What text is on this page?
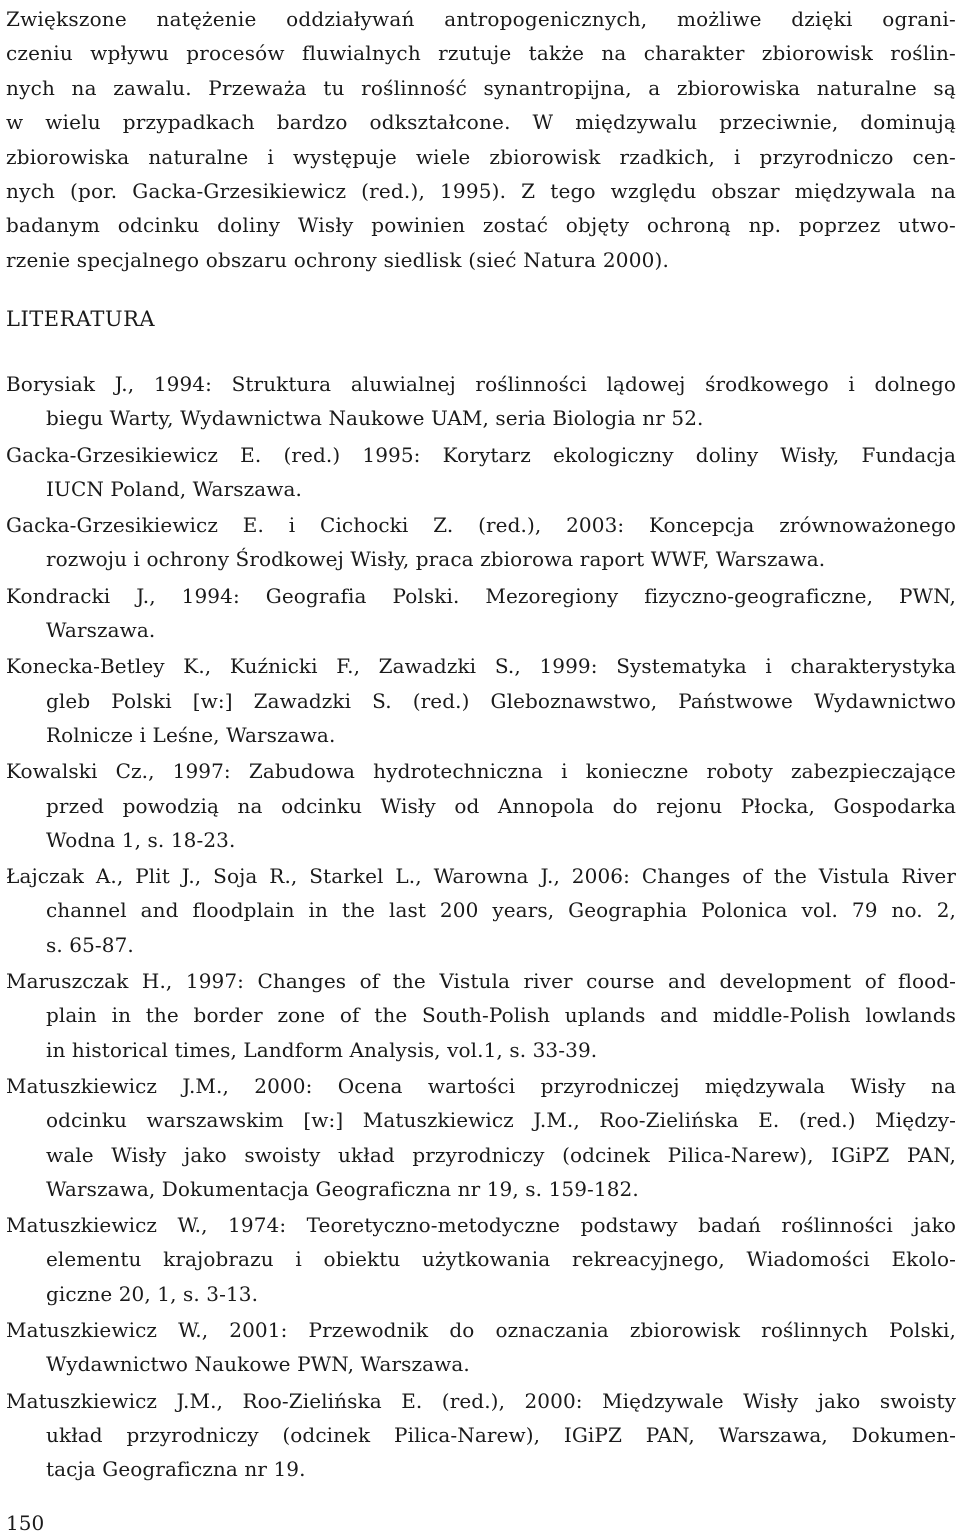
Zwiększone natężenie oddziaływań antropogenicznych, możliwe dzięki ograni-
czeniu wpływu procesów fluwialnych rzutuje także na charakter zbiorowisk roślin-
nych na zawalu. Przeważa tu roślinność synantropijna, a zbiorowiska naturalne są
w wielu przypadkach bardzo odkształcone. W międzywalu przeciwnie, dominują
zbiorowiska naturalne i występuje wiele zbiorowisk rzadkich, i przyrodniczo cen-
nych (por. Gacka-Grzesikiewicz (red.), 1995). Z tego względu obszar międzywala na
badanym odcinku doliny Wisły powinien zostać objęty ochroną np. poprzez utwo-
rzenie specjalnego obszaru ochrony siedlisk (sieć Natura 2000).

LITERATURA
Borysiak J., 1994: Struktura aluwialnej roślinności lądowej środkowego i dolnego
biegu Warty, Wydawnictwa Naukowe UAM, seria Biologia nr 52.
Gacka-Grzesikiewicz E. (red.) 1995: Korytarz ekologiczny doliny Wisły, Fundacja
IUCN Poland, Warszawa.
Gacka-Grzesikiewicz E. i Cichocki Z. (red.), 2003: Koncepcja zrównoważonego
rozwoju i ochrony Środkowej Wisły, praca zbiorowa raport WWF, Warszawa.
Kondracki J., 1994: Geografia Polski. Mezoregiony fizyczno-geograficzne, PWN,
Warszawa.
Konecka-Betley K., Kuźnicki F., Zawadzki S., 1999: Systematyka i charakterystyka
gleb Polski [w:] Zawadzki S. (red.) Gleboznawstwo, Państwowe Wydawnictwo
Rolnicze i Leśne, Warszawa.
Kowalski Cz., 1997: Zabudowa hydrotechniczna i konieczne roboty zabezpieczające
przed powodzią na odcinku Wisły od Annopola do rejonu Płocka, Gospodarka
Wodna 1, s. 18-23.
Łajczak A., Plit J., Soja R., Starkel L., Warowna J., 2006: Changes of the Vistula River
channel and floodplain in the last 200 years, Geographia Polonica vol. 79 no. 2,
s. 65-87.
Maruszczak H., 1997: Changes of the Vistula river course and development of flood-
plain in the border zone of the South-Polish uplands and middle-Polish lowlands
in historical times, Landform Analysis, vol.1, s. 33-39.
Matuszkiewicz J.M., 2000: Ocena wartości przyrodniczej międzywala Wisły na
odcinku warszawskim [w:] Matuszkiewicz J.M., Roo-Zielińska E. (red.) Między-
wale Wisły jako swoisty układ przyrodniczy (odcinek Pilica-Narew), IGiPZ PAN,
Warszawa, Dokumentacja Geograficzna nr 19, s. 159-182.
Matuszkiewicz W., 1974: Teoretyczno-metodyczne podstawy badań roślinności jako
elementu krajobrazu i obiektu użytkowania rekreacyjnego, Wiadomości Ekolo-
giczne 20, 1, s. 3-13.
Matuszkiewicz W., 2001: Przewodnik do oznaczania zbiorowisk roślinnych Polski,
Wydawnictwo Naukowe PWN, Warszawa.
Matuszkiewicz J.M., Roo-Zielińska E. (red.), 2000: Międzywale Wisły jako swoisty
układ przyrodniczy (odcinek Pilica-Narew), IGiPZ PAN, Warszawa, Dokumen-
tacja Geograficzna nr 19.
150
